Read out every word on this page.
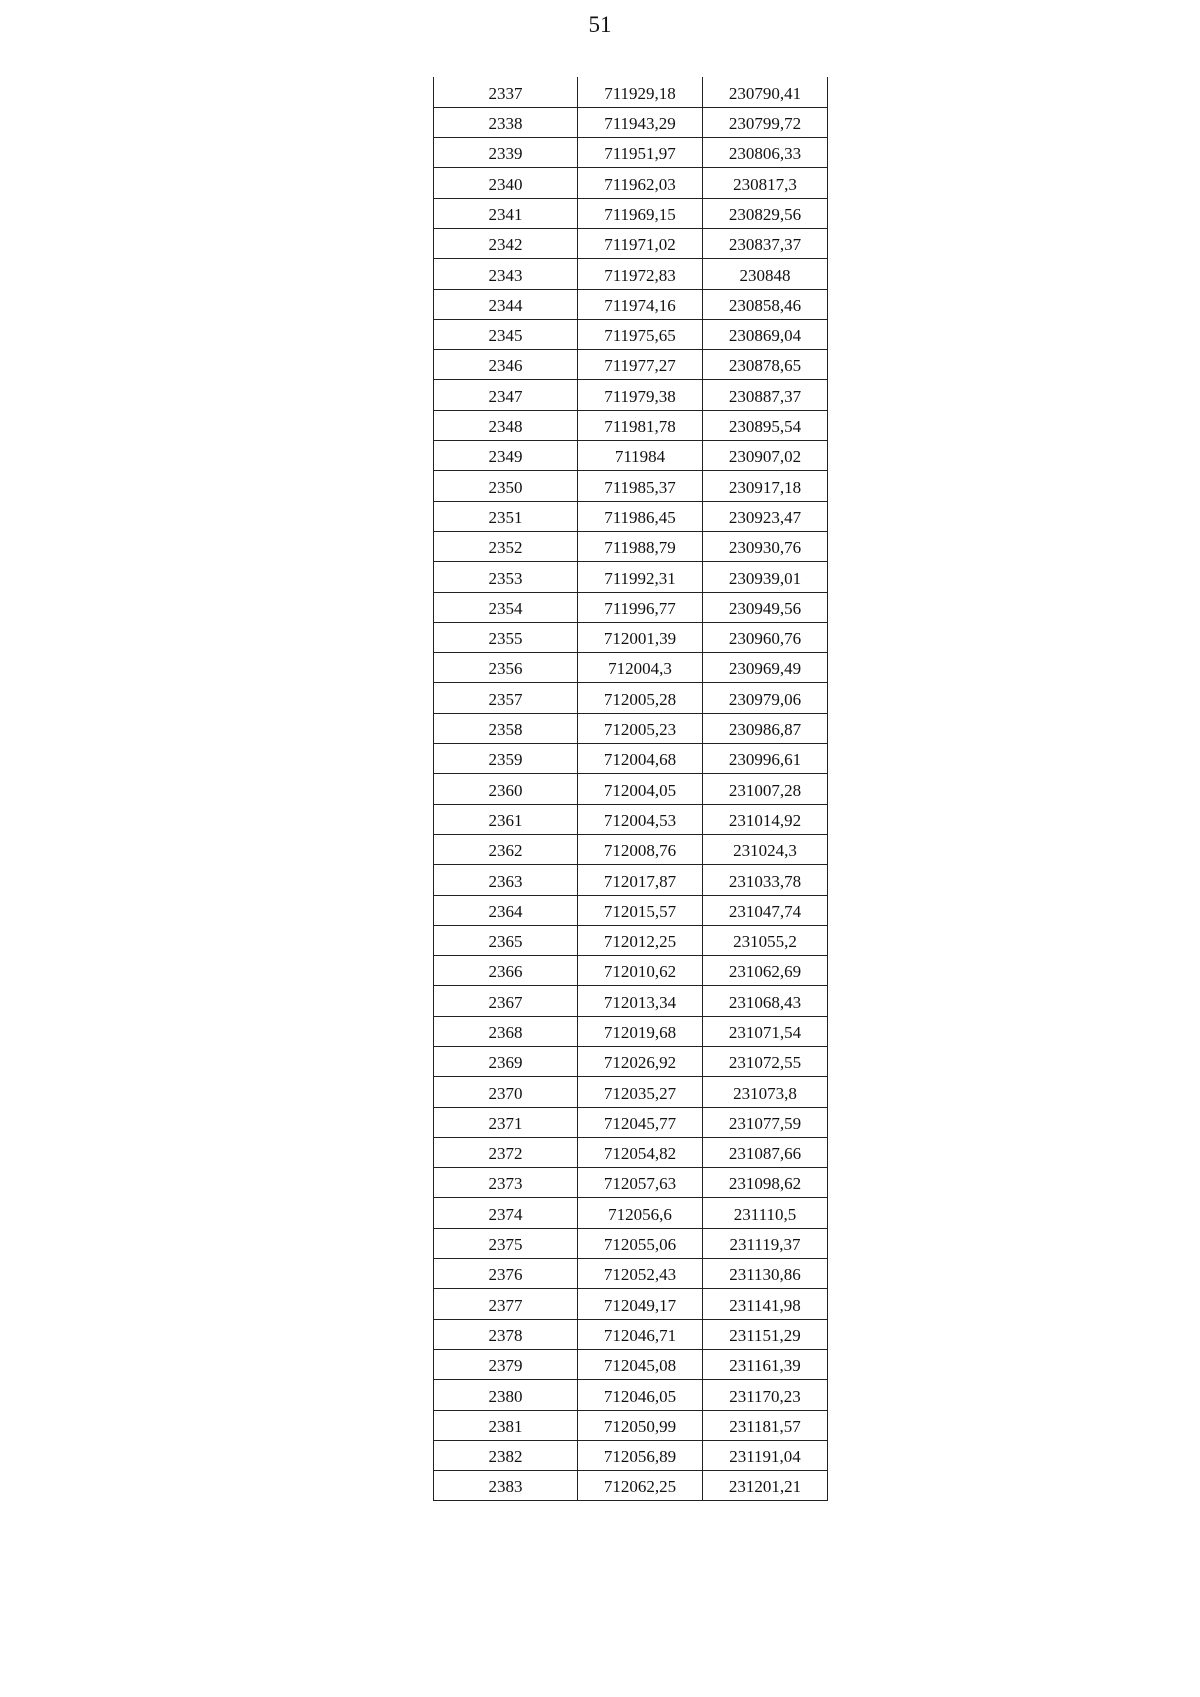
51
2337	711929,18	230790,41
2338	711943,29	230799,72
2339	711951,97	230806,33
2340	711962,03	230817,3
2341	711969,15	230829,56
2342	711971,02	230837,37
2343	711972,83	230848
2344	711974,16	230858,46
2345	711975,65	230869,04
2346	711977,27	230878,65
2347	711979,38	230887,37
2348	711981,78	230895,54
2349	711984	230907,02
2350	711985,37	230917,18
2351	711986,45	230923,47
2352	711988,79	230930,76
2353	711992,31	230939,01
2354	711996,77	230949,56
2355	712001,39	230960,76
2356	712004,3	230969,49
2357	712005,28	230979,06
2358	712005,23	230986,87
2359	712004,68	230996,61
2360	712004,05	231007,28
2361	712004,53	231014,92
2362	712008,76	231024,3
2363	712017,87	231033,78
2364	712015,57	231047,74
2365	712012,25	231055,2
2366	712010,62	231062,69
2367	712013,34	231068,43
2368	712019,68	231071,54
2369	712026,92	231072,55
2370	712035,27	231073,8
2371	712045,77	231077,59
2372	712054,82	231087,66
2373	712057,63	231098,62
2374	712056,6	231110,5
2375	712055,06	231119,37
2376	712052,43	231130,86
2377	712049,17	231141,98
2378	712046,71	231151,29
2379	712045,08	231161,39
2380	712046,05	231170,23
2381	712050,99	231181,57
2382	712056,89	231191,04
2383	712062,25	231201,21
